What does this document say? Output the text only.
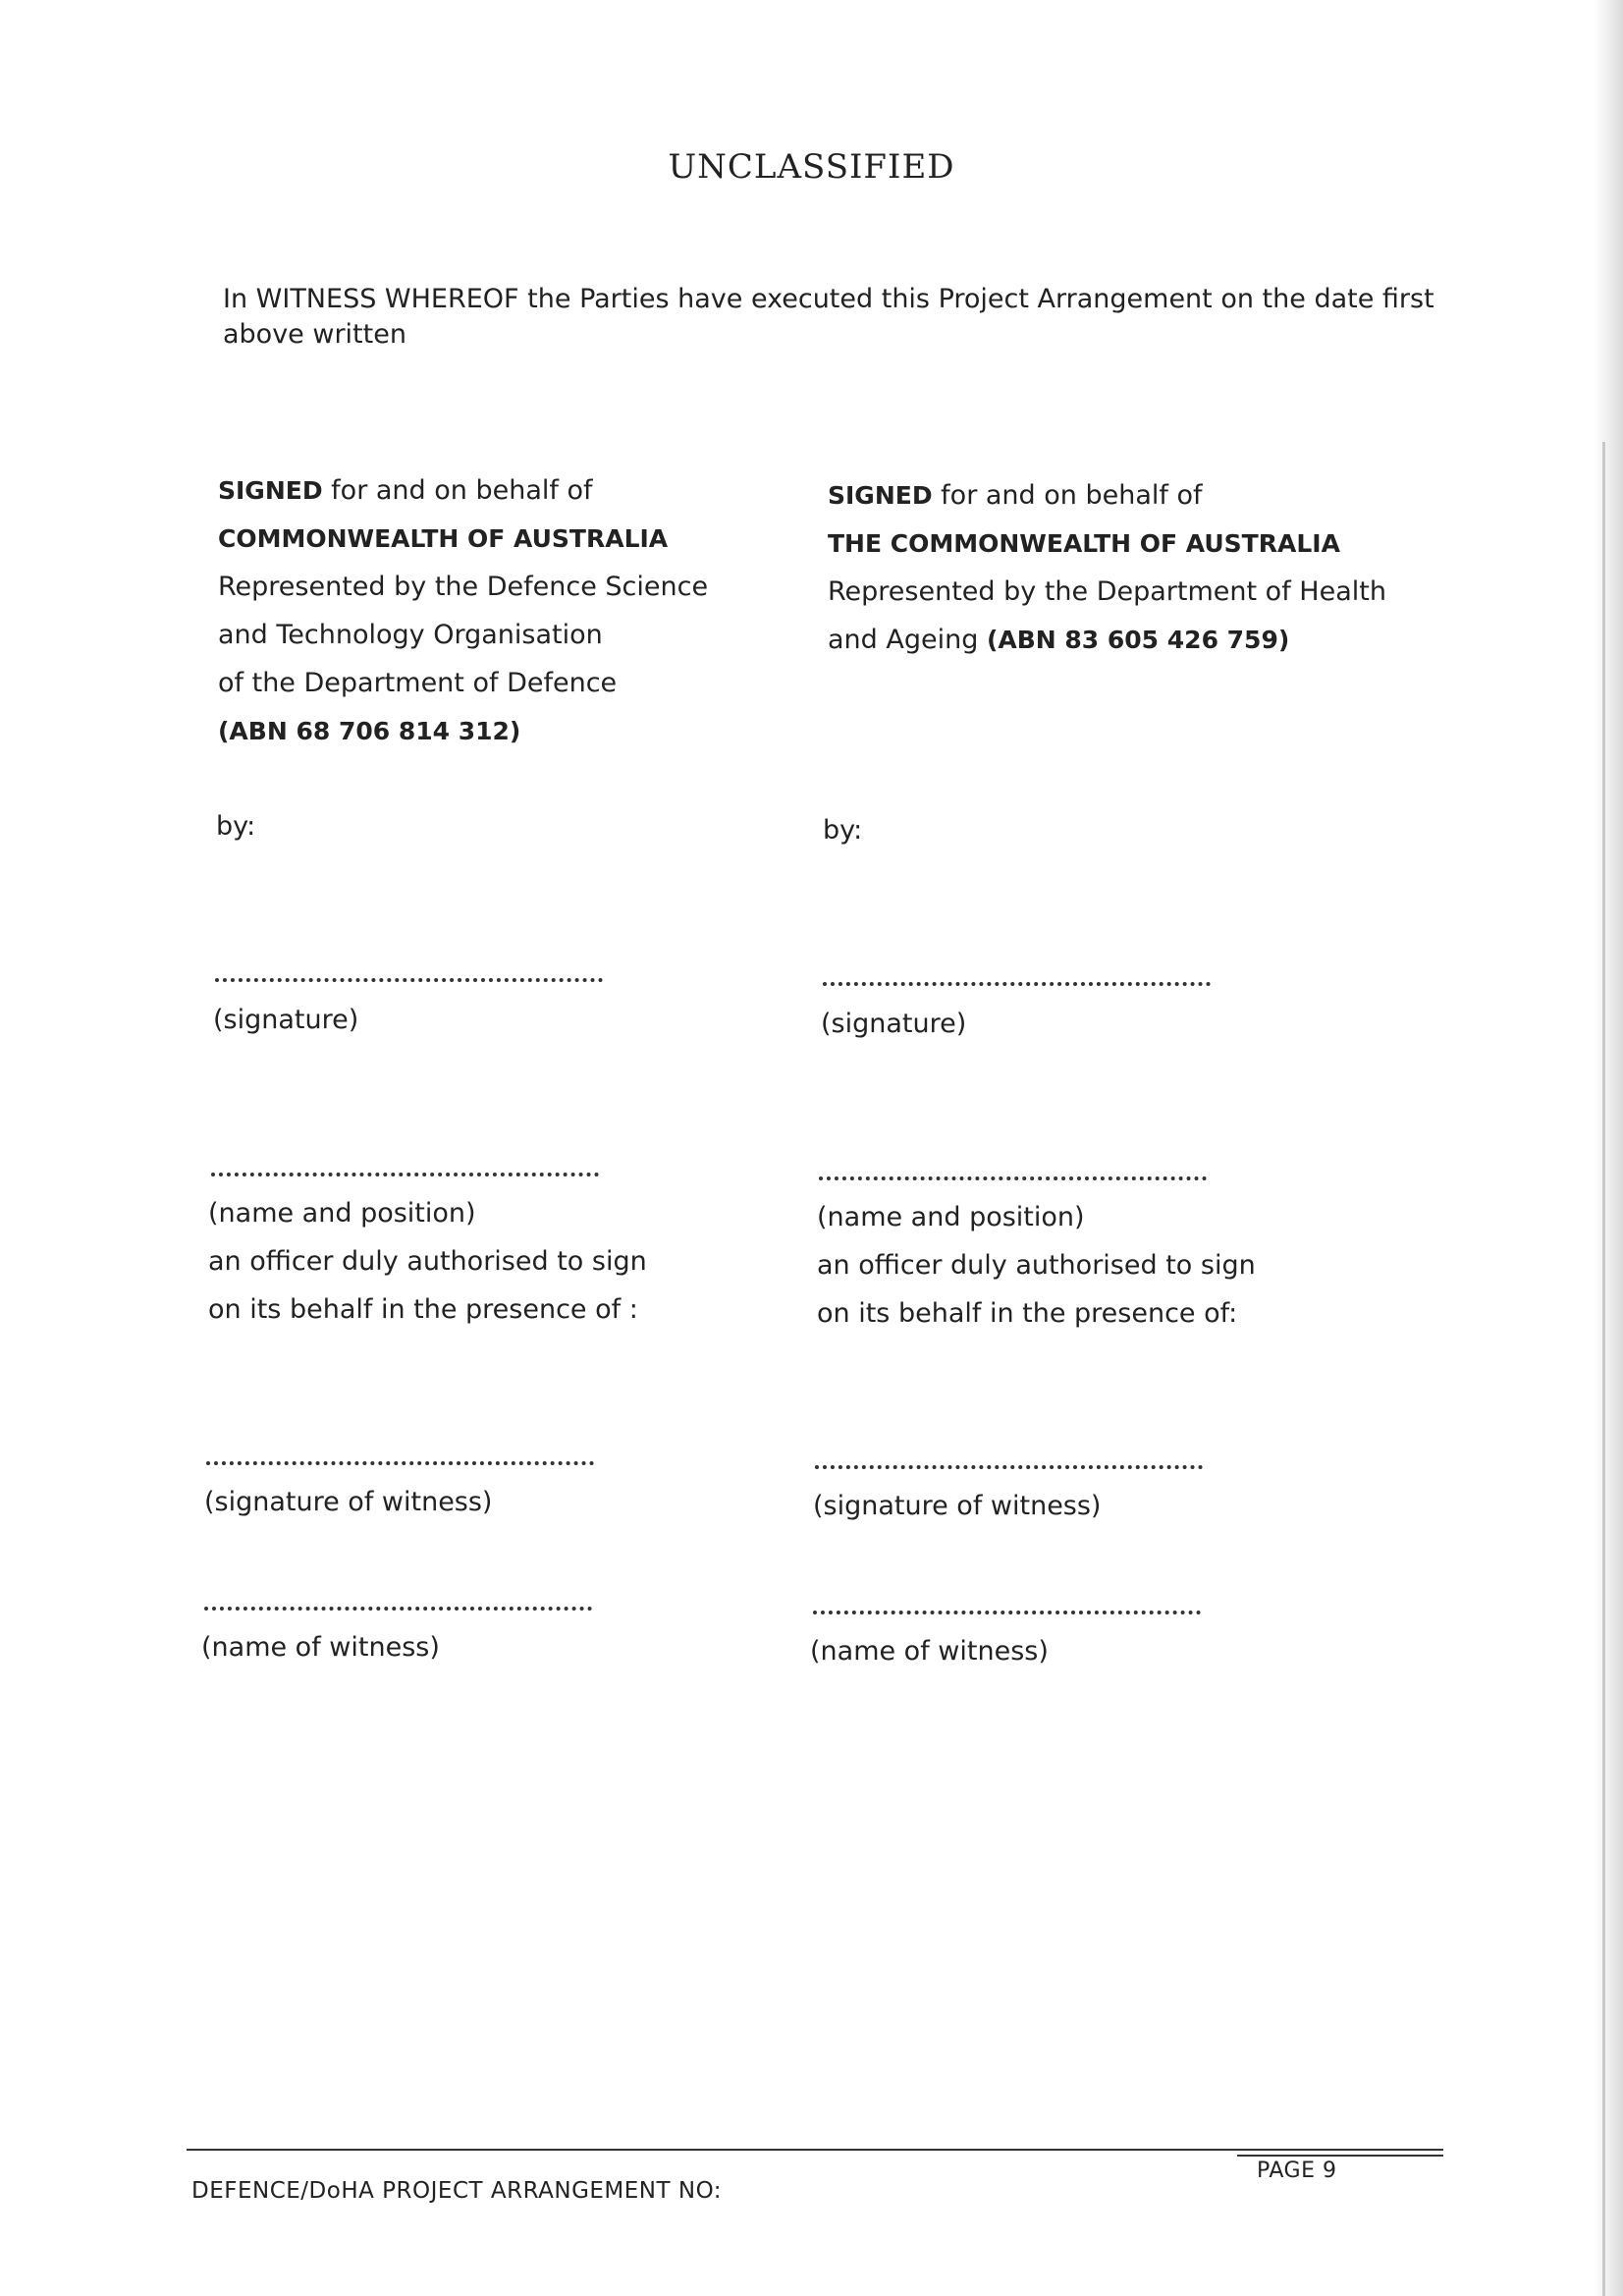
UNCLASSIFIED
In WITNESS WHEREOF the Parties have executed this Project Arrangement on the date first above written
SIGNED for and on behalf of
COMMONWEALTH OF AUSTRALIA
Represented by the Defence Science
and Technology Organisation
of the Department of Defence
(ABN 68 706 814 312)
SIGNED for and on behalf of
THE COMMONWEALTH OF AUSTRALIA
Represented by the Department of Health
and Ageing (ABN 83 605 426 759)
by:	by:
(signature)
(name and position)
an officer duly authorised to sign
on its behalf in the presence of :
(signature of witness)
(name of witness)
(signature)
(name and position)
an officer duly authorised to sign
on its behalf in the presence of:
(signature of witness)
(name of witness)
DEFENCE/DoHA PROJECT ARRANGEMENT NO:
PAGE 9
